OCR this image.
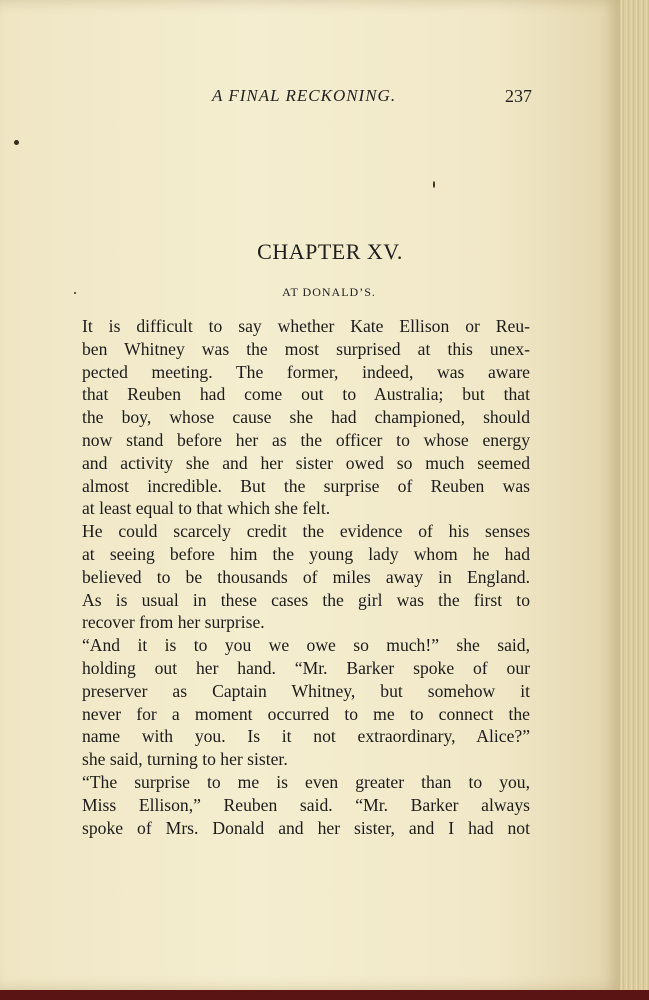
A FINAL RECKONING.	237
CHAPTER XV.
AT DONALD’S.

It is difficult to say whether Kate Ellison or Reu-

ben Whitney was the most surprised at this unex-

pected meeting. The former, indeed, was aware

that Reuben had come out to Australia; but that

the boy, whose cause she had championed, should

now stand before her as the officer to whose energy

and activity she and her sister owed so much seemed

almost incredible. But the surprise of Reuben was

at least equal to that which she felt.

He could scarcely credit the evidence of his senses

at seeing before him the young lady whom he had

believed to be thousands of miles away in England.

As is usual in these cases the girl was the first to

recover from her surprise.

“And it is to you we owe so much!” she said,

holding out her hand. “Mr. Barker spoke of our

preserver as Captain Whitney, but somehow it

never for a moment occurred to me to connect the

name with you. Is it not extraordinary, Alice?”

she said, turning to her sister.

“The surprise to me is even greater than to you,

Miss Ellison,” Reuben said. “Mr. Barker always

spoke of Mrs. Donald and her sister, and I had not
